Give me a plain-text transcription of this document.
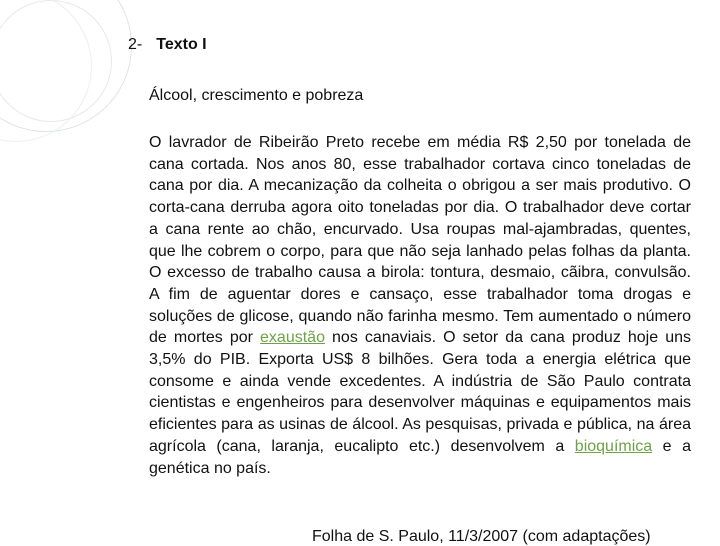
2- Texto I
Álcool, crescimento e pobreza
O lavrador de Ribeirão Preto recebe em média R$ 2,50 por tonelada de cana cortada. Nos anos 80, esse trabalhador cortava cinco toneladas de cana por dia. A mecanização da colheita o obrigou a ser mais produtivo. O corta-cana derruba agora oito toneladas por dia. O trabalhador deve cortar a cana rente ao chão, encurvado. Usa roupas mal-ajambradas, quentes, que lhe cobrem o corpo, para que não seja lanhado pelas folhas da planta. O excesso de trabalho causa a birola: tontura, desmaio, cãibra, convulsão. A fim de aguentar dores e cansaço, esse trabalhador toma drogas e soluções de glicose, quando não farinha mesmo. Tem aumentado o número de mortes por exaustão nos canaviais. O setor da cana produz hoje uns 3,5% do PIB. Exporta US$ 8 bilhões. Gera toda a energia elétrica que consome e ainda vende excedentes. A indústria de São Paulo contrata cientistas e engenheiros para desenvolver máquinas e equipamentos mais eficientes para as usinas de álcool. As pesquisas, privada e pública, na área agrícola (cana, laranja, eucalipto etc.) desenvolvem a bioquímica e a genética no país.
Folha de S. Paulo, 11/3/2007 (com adaptações)
